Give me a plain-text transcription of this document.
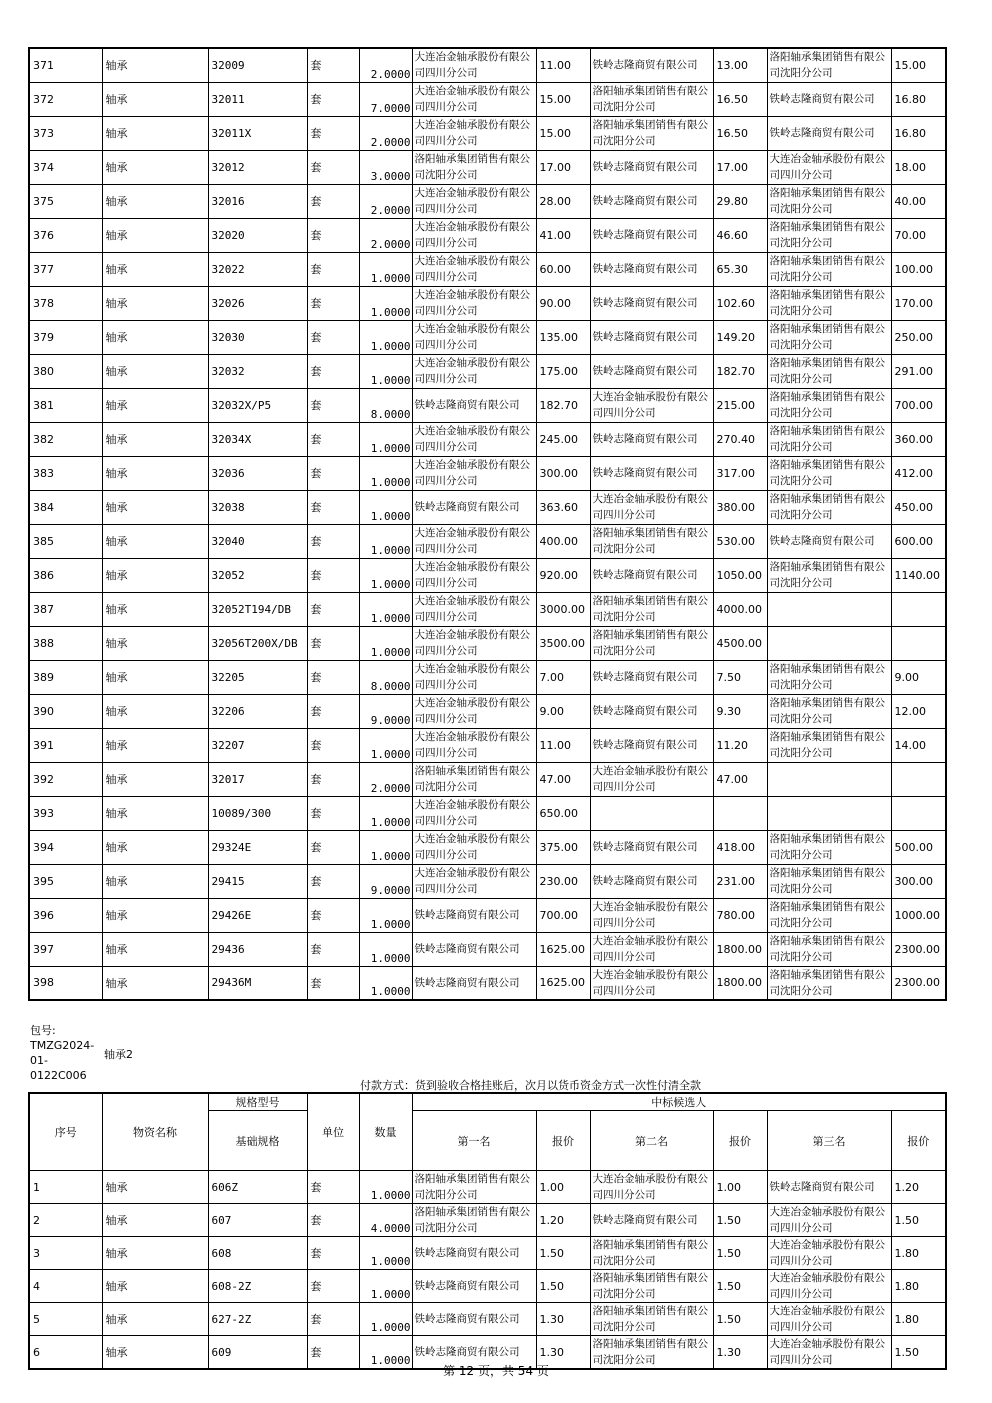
371	轴承	32009	套	2.0000	大连冶金轴承股份有限公司四川分公司	11.00	铁岭志隆商贸有限公司	13.00	洛阳轴承集团销售有限公司沈阳分公司	15.00
372	轴承	32011	套	7.0000	大连冶金轴承股份有限公司四川分公司	15.00	洛阳轴承集团销售有限公司沈阳分公司	16.50	铁岭志隆商贸有限公司	16.80
373	轴承	32011X	套	2.0000	大连冶金轴承股份有限公司四川分公司	15.00	洛阳轴承集团销售有限公司沈阳分公司	16.50	铁岭志隆商贸有限公司	16.80
374	轴承	32012	套	3.0000	洛阳轴承集团销售有限公司沈阳分公司	17.00	铁岭志隆商贸有限公司	17.00	大连冶金轴承股份有限公司四川分公司	18.00
375	轴承	32016	套	2.0000	大连冶金轴承股份有限公司四川分公司	28.00	铁岭志隆商贸有限公司	29.80	洛阳轴承集团销售有限公司沈阳分公司	40.00
376	轴承	32020	套	2.0000	大连冶金轴承股份有限公司四川分公司	41.00	铁岭志隆商贸有限公司	46.60	洛阳轴承集团销售有限公司沈阳分公司	70.00
377	轴承	32022	套	1.0000	大连冶金轴承股份有限公司四川分公司	60.00	铁岭志隆商贸有限公司	65.30	洛阳轴承集团销售有限公司沈阳分公司	100.00
378	轴承	32026	套	1.0000	大连冶金轴承股份有限公司四川分公司	90.00	铁岭志隆商贸有限公司	102.60	洛阳轴承集团销售有限公司沈阳分公司	170.00
379	轴承	32030	套	1.0000	大连冶金轴承股份有限公司四川分公司	135.00	铁岭志隆商贸有限公司	149.20	洛阳轴承集团销售有限公司沈阳分公司	250.00
380	轴承	32032	套	1.0000	大连冶金轴承股份有限公司四川分公司	175.00	铁岭志隆商贸有限公司	182.70	洛阳轴承集团销售有限公司沈阳分公司	291.00
381	轴承	32032X/P5	套	8.0000	铁岭志隆商贸有限公司	182.70	大连冶金轴承股份有限公司四川分公司	215.00	洛阳轴承集团销售有限公司沈阳分公司	700.00
382	轴承	32034X	套	1.0000	大连冶金轴承股份有限公司四川分公司	245.00	铁岭志隆商贸有限公司	270.40	洛阳轴承集团销售有限公司沈阳分公司	360.00
383	轴承	32036	套	1.0000	大连冶金轴承股份有限公司四川分公司	300.00	铁岭志隆商贸有限公司	317.00	洛阳轴承集团销售有限公司沈阳分公司	412.00
384	轴承	32038	套	1.0000	铁岭志隆商贸有限公司	363.60	大连冶金轴承股份有限公司四川分公司	380.00	洛阳轴承集团销售有限公司沈阳分公司	450.00
385	轴承	32040	套	1.0000	大连冶金轴承股份有限公司四川分公司	400.00	洛阳轴承集团销售有限公司沈阳分公司	530.00	铁岭志隆商贸有限公司	600.00
386	轴承	32052	套	1.0000	大连冶金轴承股份有限公司四川分公司	920.00	铁岭志隆商贸有限公司	1050.00	洛阳轴承集团销售有限公司沈阳分公司	1140.00
387	轴承	32052T194/DB	套	1.0000	大连冶金轴承股份有限公司四川分公司	3000.00	洛阳轴承集团销售有限公司沈阳分公司	4000.00		
388	轴承	32056T200X/DB	套	1.0000	大连冶金轴承股份有限公司四川分公司	3500.00	洛阳轴承集团销售有限公司沈阳分公司	4500.00		
389	轴承	32205	套	8.0000	大连冶金轴承股份有限公司四川分公司	7.00	铁岭志隆商贸有限公司	7.50	洛阳轴承集团销售有限公司沈阳分公司	9.00
390	轴承	32206	套	9.0000	大连冶金轴承股份有限公司四川分公司	9.00	铁岭志隆商贸有限公司	9.30	洛阳轴承集团销售有限公司沈阳分公司	12.00
391	轴承	32207	套	1.0000	大连冶金轴承股份有限公司四川分公司	11.00	铁岭志隆商贸有限公司	11.20	洛阳轴承集团销售有限公司沈阳分公司	14.00
392	轴承	32017	套	2.0000	洛阳轴承集团销售有限公司沈阳分公司	47.00	大连冶金轴承股份有限公司四川分公司	47.00		
393	轴承	10089/300	套	1.0000	大连冶金轴承股份有限公司四川分公司	650.00				
394	轴承	29324E	套	1.0000	大连冶金轴承股份有限公司四川分公司	375.00	铁岭志隆商贸有限公司	418.00	洛阳轴承集团销售有限公司沈阳分公司	500.00
395	轴承	29415	套	9.0000	大连冶金轴承股份有限公司四川分公司	230.00	铁岭志隆商贸有限公司	231.00	洛阳轴承集团销售有限公司沈阳分公司	300.00
396	轴承	29426E	套	1.0000	铁岭志隆商贸有限公司	700.00	大连冶金轴承股份有限公司四川分公司	780.00	洛阳轴承集团销售有限公司沈阳分公司	1000.00
397	轴承	29436	套	1.0000	铁岭志隆商贸有限公司	1625.00	大连冶金轴承股份有限公司四川分公司	1800.00	洛阳轴承集团销售有限公司沈阳分公司	2300.00
398	轴承	29436M	套	1.0000	铁岭志隆商贸有限公司	1625.00	大连冶金轴承股份有限公司四川分公司	1800.00	洛阳轴承集团销售有限公司沈阳分公司	2300.00
包号:
TMZG2024-
01-
0122C006
轴承2
付款方式：货到验收合格挂账后，次月以货币资金方式一次性付清全款
序号	物资名称	规格型号	单位	数量	中标候选人					
		基础规格			第一名	报价	第二名	报价	第三名	报价
1	轴承	606Z	套	1.0000	洛阳轴承集团销售有限公司沈阳分公司	1.00	大连冶金轴承股份有限公司四川分公司	1.00	铁岭志隆商贸有限公司	1.20
2	轴承	607	套	4.0000	洛阳轴承集团销售有限公司沈阳分公司	1.20	铁岭志隆商贸有限公司	1.50	大连冶金轴承股份有限公司四川分公司	1.50
3	轴承	608	套	1.0000	铁岭志隆商贸有限公司	1.50	洛阳轴承集团销售有限公司沈阳分公司	1.50	大连冶金轴承股份有限公司四川分公司	1.80
4	轴承	608-2Z	套	1.0000	铁岭志隆商贸有限公司	1.50	洛阳轴承集团销售有限公司沈阳分公司	1.50	大连冶金轴承股份有限公司四川分公司	1.80
5	轴承	627-2Z	套	1.0000	铁岭志隆商贸有限公司	1.30	洛阳轴承集团销售有限公司沈阳分公司	1.50	大连冶金轴承股份有限公司四川分公司	1.80
6	轴承	609	套	1.0000	铁岭志隆商贸有限公司	1.30	洛阳轴承集团销售有限公司沈阳分公司	1.30	大连冶金轴承股份有限公司四川分公司	1.50
第 12 页，共 54 页
